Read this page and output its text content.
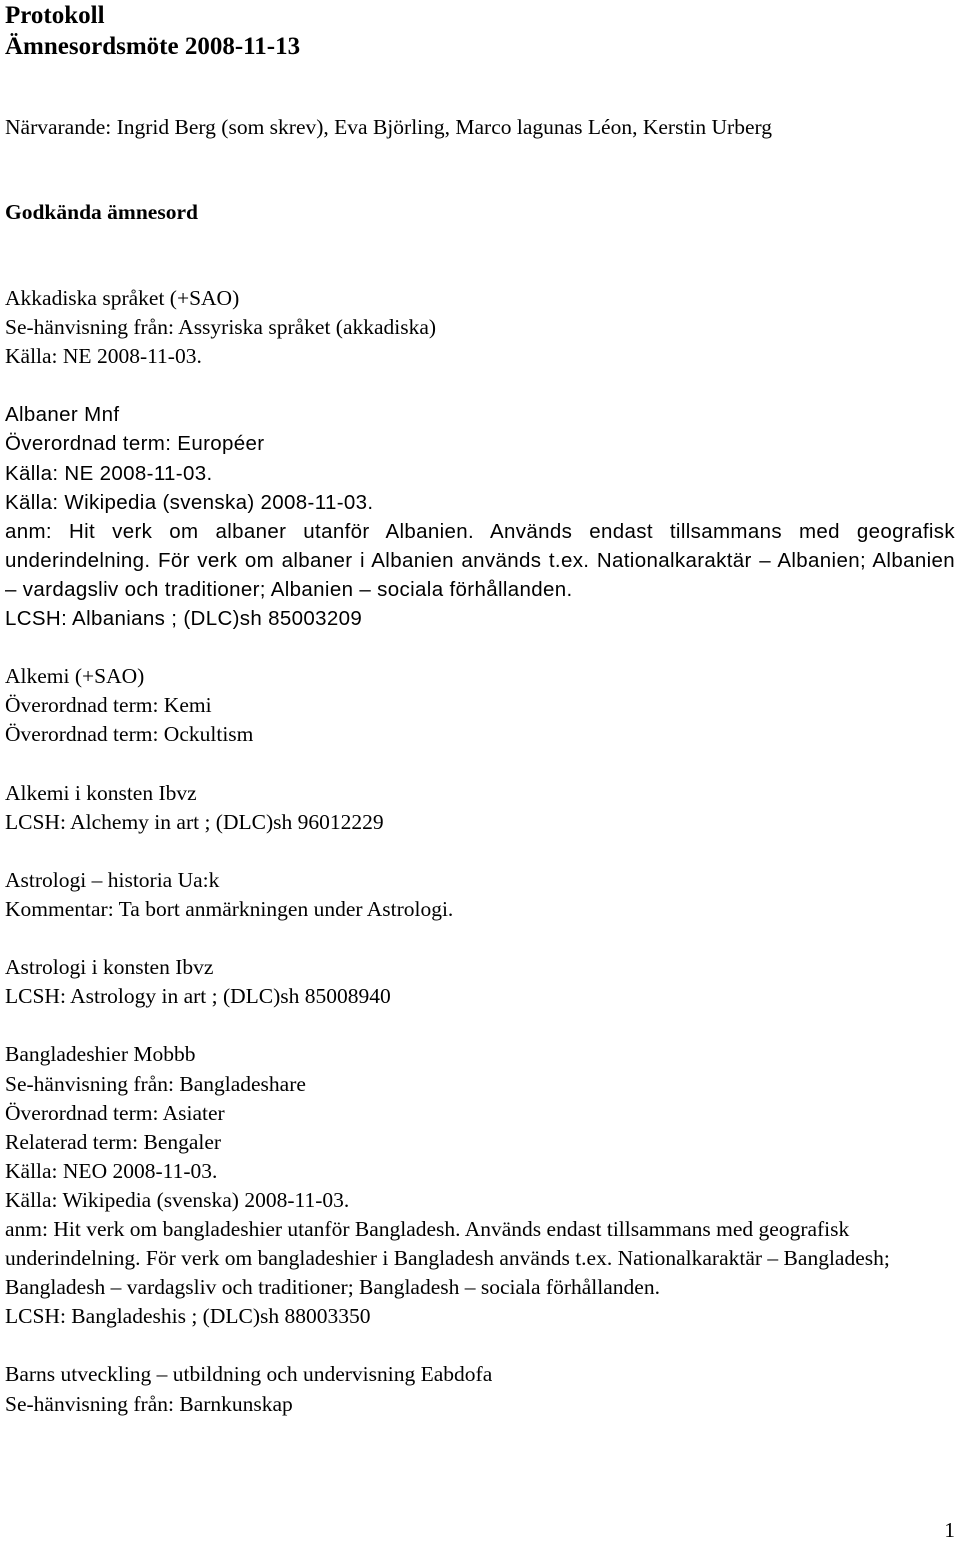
Protokoll
Ämnesordsmöte 2008-11-13

Närvarande: Ingrid Berg (som skrev), Eva Björling, Marco lagunas Léon, Kerstin Urberg

Godkända ämnesord
Akkadiska språket (+SAO)
Se-hänvisning från: Assyriska språket (akkadiska)
Källa: NE 2008-11-03.
Albaner Mnf
Överordnad term: Européer
Källa: NE 2008-11-03.
Källa: Wikipedia (svenska) 2008-11-03.
anm: Hit verk om albaner utanför Albanien. Används endast tillsammans med geografisk underindelning. För verk om albaner i Albanien används t.ex. Nationalkaraktär – Albanien; Albanien – vardagsliv och traditioner; Albanien – sociala förhållanden.
LCSH: Albanians ; (DLC)sh 85003209
Alkemi (+SAO)
Överordnad term: Kemi
Överordnad term: Ockultism
Alkemi i konsten Ibvz
LCSH: Alchemy in art ; (DLC)sh 96012229
Astrologi – historia Ua:k
Kommentar: Ta bort anmärkningen under Astrologi.
Astrologi i konsten Ibvz
LCSH: Astrology in art ; (DLC)sh 85008940
Bangladeshier Mobbb
Se-hänvisning från: Bangladeshare
Överordnad term: Asiater
Relaterad term: Bengaler
Källa: NEO 2008-11-03.
Källa: Wikipedia (svenska) 2008-11-03.
anm: Hit verk om bangladeshier utanför Bangladesh. Används endast tillsammans med geografisk underindelning. För verk om bangladeshier i Bangladesh används t.ex. Nationalkaraktär – Bangladesh; Bangladesh – vardagsliv och traditioner; Bangladesh – sociala förhållanden.
LCSH: Bangladeshis ; (DLC)sh 88003350
Barns utveckling – utbildning och undervisning Eabdofa
Se-hänvisning från: Barnkunskap
1
